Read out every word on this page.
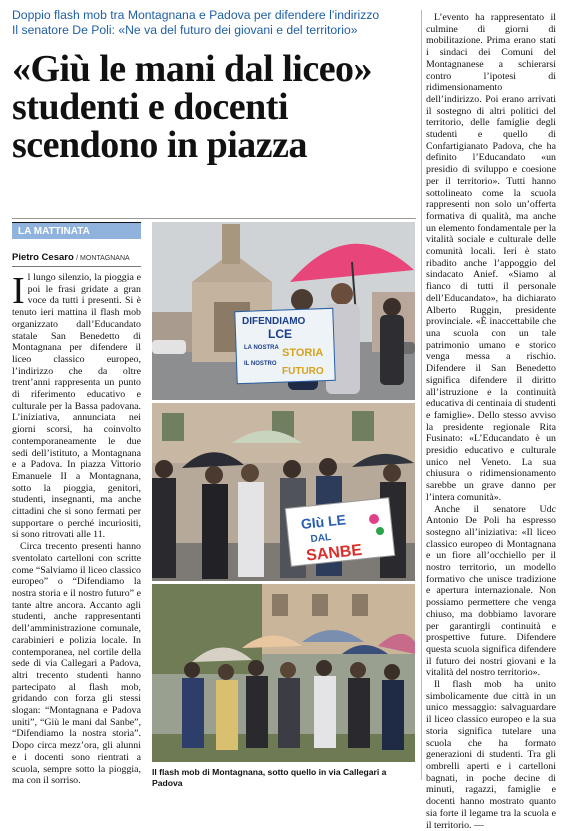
Doppio flash mob tra Montagnana e Padova per difendere l’indirizzo
Il senatore De Poli: «Ne va del futuro dei giovani e del territorio»
«Giù le mani dal liceo»
studenti e docenti
scendono in piazza
LA MATTINATA
Pietro Cesaro / MONTAGNANA

Il lungo silenzio, la pioggia e poi le frasi gridate a gran voce da tutti i presenti. Si è tenuto ieri mattina il flash mob organizzato dall’Educandato statale San Benedetto di Montagnana per difendere il liceo classico europeo, l’indirizzo che da oltre trent’anni rappresenta un punto di riferimento educativo e culturale per la Bassa padovana. L’iniziativa, annunciata nei giorni scorsi, ha coinvolto contemporaneamente le due sedi dell’istituto, a Montagnana e a Padova. In piazza Vittorio Emanuele II a Montagnana, sotto la pioggia, genitori, studenti, insegnanti, ma anche cittadini che si sono fermati per supportare o perché incuriositi, si sono ritrovati alle 11.

Circa trecento presenti hanno sventolato cartelloni con scritte come “Salviamo il liceo classico europeo” o “Difendiamo la nostra storia e il nostro futuro” e tante altre ancora. Accanto agli studenti, anche rappresentanti dell’amministrazione comunale, carabinieri e polizia locale. In contemporanea, nel cortile della sede di via Callegari a Padova, altri trecento studenti hanno partecipato al flash mob, gridando con forza gli stessi slogan: “Montagnana e Padova uniti”, “Giù le mani dal Sanbe”, “Difendiamo la nostra storia”. Dopo circa mezz’ora, gli alunni e i docenti sono rientrati a scuola, sempre sotto la pioggia, ma con il sorriso.

DIFENDIAMO
LCE
LA NOSTRA STORIA
IL NOSTRO
FUTURO
GIù LE
DAL
SANBE
Il flash mob di Montagnana, sotto quello in via Callegari a Padova

L’evento ha rappresentato il culmine di giorni di mobilitazione. Prima erano stati i sindaci dei Comuni del Montagnanese a schierarsi contro l’ipotesi di ridimensionamento dell’indirizzo. Poi erano arrivati il sostegno di altri politici del territorio, delle famiglie degli studenti e quello di Confartigianato Padova, che ha definito l’Educandato «un presidio di sviluppo e coesione per il territorio». Tutti hanno sottolineato come la scuola rappresenti non solo un’offerta formativa di qualità, ma anche un elemento fondamentale per la vitalità sociale e culturale delle comunità locali. Ieri è stato ribadito anche l’appoggio del sindacato Anief. «Siamo al fianco di tutti il personale dell’Educandato», ha dichiarato Alberto Ruggin, presidente provinciale. «È inaccettabile che una scuola con un tale patrimonio umano e storico venga messa a rischio. Difendere il San Benedetto significa difendere il diritto all’istruzione e la continuità educativa di centinaia di studenti e famiglie». Dello stesso avviso la presidente regionale Rita Fusinato: «L’Educandato è un presidio educativo e culturale unico nel Veneto. La sua chiusura o ridimensionamento sarebbe un grave danno per l’intera comunità».

Anche il senatore Udc Antonio De Poli ha espresso sostegno all’iniziativa: «Il liceo classico europeo di Montagnana e un fiore all’occhiello per il nostro territorio, un modello formativo che unisce tradizione e apertura internazionale. Non possiamo permettere che venga chiuso, ma dobbiamo lavorare per garantirgli continuità e prospettive future. Difendere questa scuola significa difendere il futuro dei nostri giovani e la vitalità del nostro territorio».

Il flash mob ha unito simbolicamente due città in un unico messaggio: salvaguardare il liceo classico europeo e la sua storia significa tutelare una scuola che ha formato generazioni di studenti. Tra gli ombrelli aperti e i cartelloni bagnati, in poche decine di minuti, ragazzi, famiglie e docenti hanno mostrato quanto sia forte il legame tra la scuola e il territorio. —
